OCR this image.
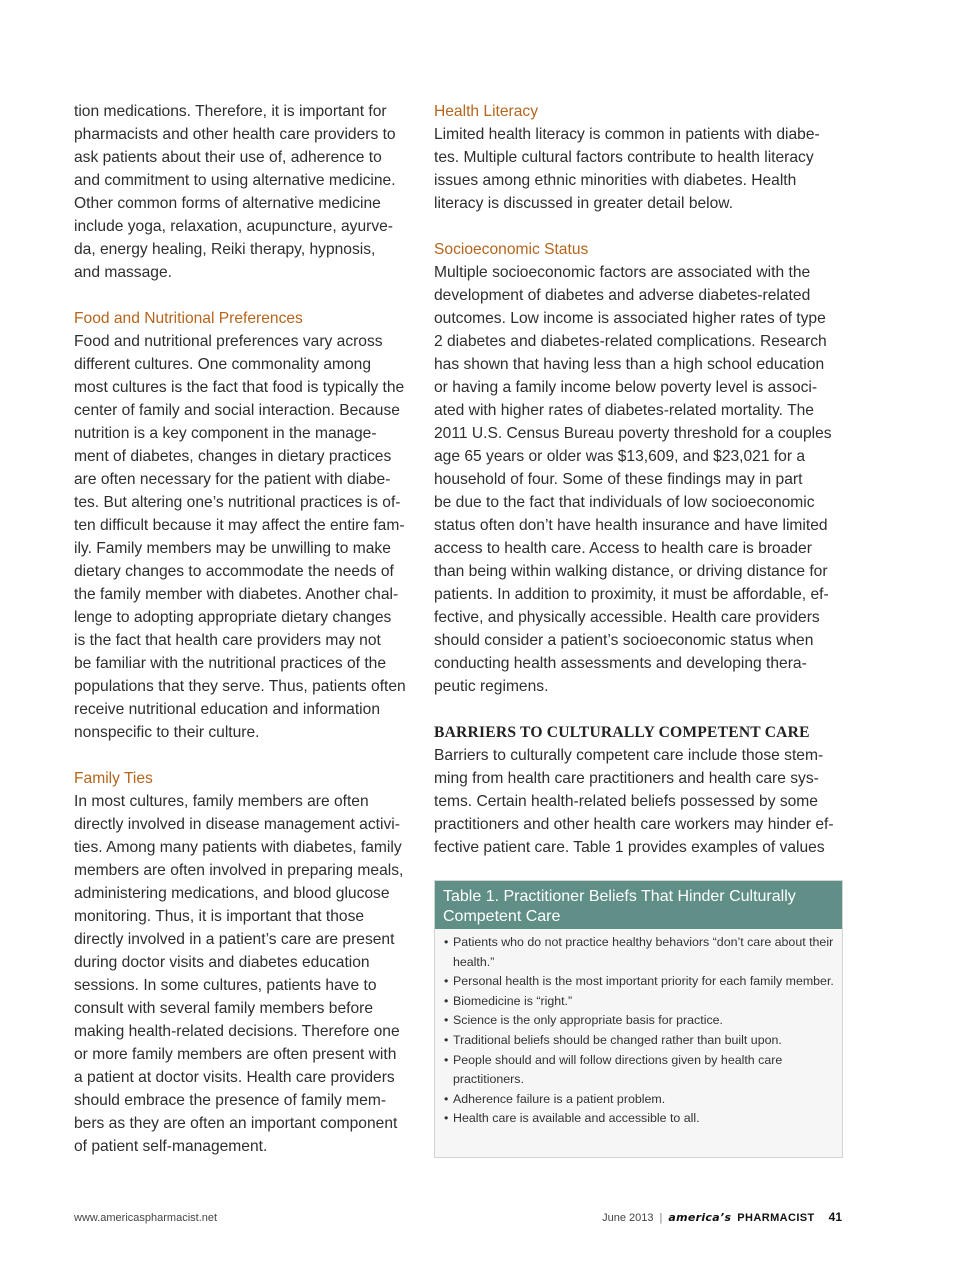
tion medications. Therefore, it is important for
pharmacists and other health care providers to
ask patients about their use of, adherence to
and commitment to using alternative medicine.
Other common forms of alternative medicine
include yoga, relaxation, acupuncture, ayurve-
da, energy healing, Reiki therapy, hypnosis,
and massage.

Food and Nutritional Preferences

Food and nutritional preferences vary across
different cultures. One commonality among
most cultures is the fact that food is typically the
center of family and social interaction. Because
nutrition is a key component in the manage-
ment of diabetes, changes in dietary practices
are often necessary for the patient with diabe-
tes. But altering one’s nutritional practices is of-
ten difficult because it may affect the entire fam-
ily. Family members may be unwilling to make
dietary changes to accommodate the needs of
the family member with diabetes. Another chal-
lenge to adopting appropriate dietary changes
is the fact that health care providers may not
be familiar with the nutritional practices of the
populations that they serve. Thus, patients often
receive nutritional education and information
nonspecific to their culture.

Family Ties

In most cultures, family members are often
directly involved in disease management activi-
ties. Among many patients with diabetes, family
members are often involved in preparing meals,
administering medications, and blood glucose
monitoring. Thus, it is important that those
directly involved in a patient’s care are present
during doctor visits and diabetes education
sessions. In some cultures, patients have to
consult with several family members before
making health-related decisions. Therefore one
or more family members are often present with
a patient at doctor visits. Health care providers
should embrace the presence of family mem-
bers as they are often an important component
of patient self-management.

Health Literacy

Limited health literacy is common in patients with diabe-
tes. Multiple cultural factors contribute to health literacy
issues among ethnic minorities with diabetes. Health
literacy is discussed in greater detail below.

Socioeconomic Status

Multiple socioeconomic factors are associated with the
development of diabetes and adverse diabetes-related
outcomes. Low income is associated higher rates of type
2 diabetes and diabetes-related complications. Research
has shown that having less than a high school education
or having a family income below poverty level is associ-
ated with higher rates of diabetes-related mortality. The
2011 U.S. Census Bureau poverty threshold for a couples
age 65 years or older was $13,609, and $23,021 for a
household of four. Some of these findings may in part
be due to the fact that individuals of low socioeconomic
status often don’t have health insurance and have limited
access to health care. Access to health care is broader
than being within walking distance, or driving distance for
patients. In addition to proximity, it must be affordable, ef-
fective, and physically accessible. Health care providers
should consider a patient’s socioeconomic status when
conducting health assessments and developing thera-
peutic regimens.

BARRIERS TO CULTURALLY COMPETENT CARE

Barriers to culturally competent care include those stem-
ming from health care practitioners and health care sys-
tems. Certain health-related beliefs possessed by some
practitioners and other health care workers may hinder ef-
fective patient care. Table 1 provides examples of values

Table 1. Practitioner Beliefs That Hinder Culturally
Competent Care
• Patients who do not practice healthy behaviors “don’t care about their health.”
• Personal health is the most important priority for each family member.
• Biomedicine is “right.”
• Science is the only appropriate basis for practice.
• Traditional beliefs should be changed rather than built upon.
• People should and will follow directions given by health care practitioners.
• Adherence failure is a patient problem.
• Health care is available and accessible to all.
www.americaspharmacist.net	June 2013 | america’s PHARMACIST 41
